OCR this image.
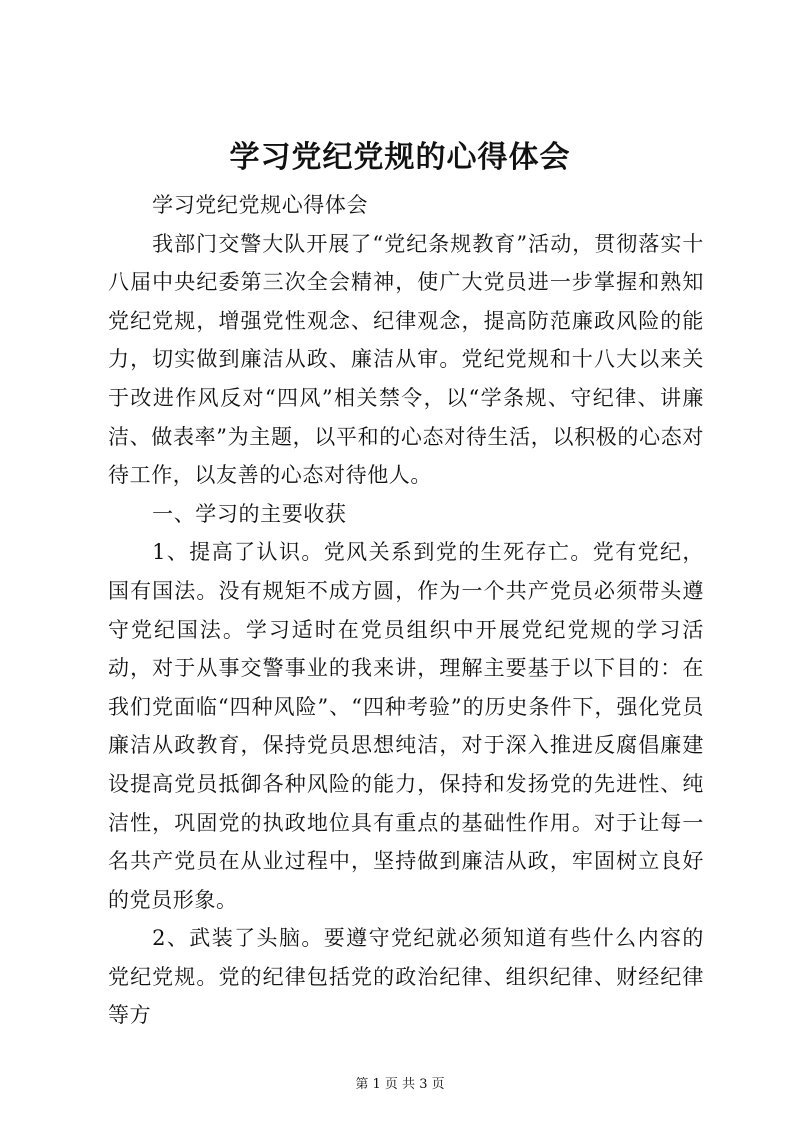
学习党纪党规的心得体会

学习党纪党规心得体会

我部门交警大队开展了“党纪条规教育”活动，贯彻落实十八届中央纪委第三次全会精神，使广大党员进一步掌握和熟知党纪党规，增强党性观念、纪律观念，提高防范廉政风险的能力，切实做到廉洁从政、廉洁从审。党纪党规和十八大以来关于改进作风反对“四风”相关禁令，以“学条规、守纪律、讲廉洁、做表率”为主题，以平和的心态对待生活，以积极的心态对待工作，以友善的心态对待他人。

一、学习的主要收获

1、提高了认识。党风关系到党的生死存亡。党有党纪，国有国法。没有规矩不成方圆，作为一个共产党员必须带头遵守党纪国法。学习适时在党员组织中开展党纪党规的学习活动，对于从事交警事业的我来讲，理解主要基于以下目的：在我们党面临“四种风险”、“四种考验”的历史条件下，强化党员廉洁从政教育，保持党员思想纯洁，对于深入推进反腐倡廉建设提高党员抵御各种风险的能力，保持和发扬党的先进性、纯洁性，巩固党的执政地位具有重点的基础性作用。对于让每一名共产党员在从业过程中，坚持做到廉洁从政，牢固树立良好的党员形象。

2、武装了头脑。要遵守党纪就必须知道有些什么内容的党纪党规。党的纪律包括党的政治纪律、组织纪律、财经纪律等方

第 1 页 共 3 页
